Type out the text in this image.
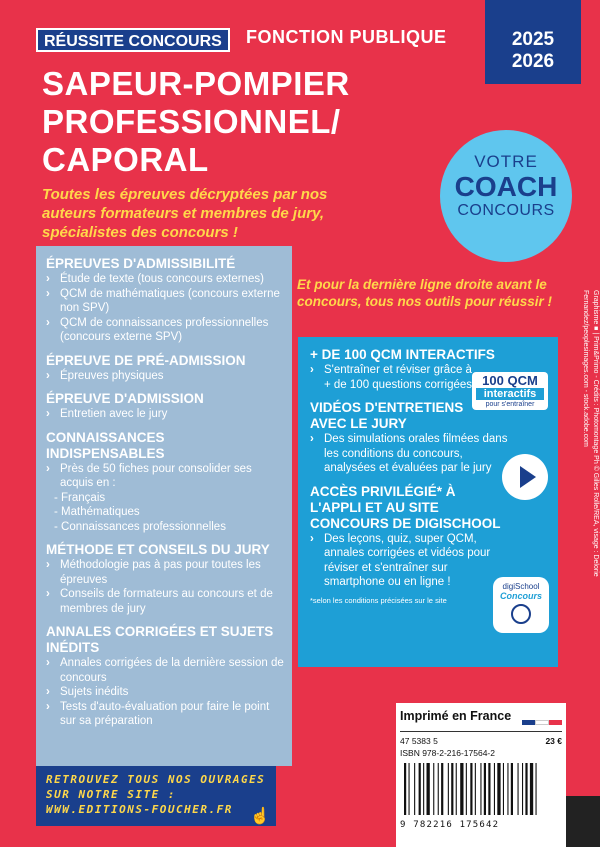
RÉUSSITE CONCOURS	FONCTION PUBLIQUE	2025
2026
SAPEUR-POMPIER
PROFESSIONNEL/
CAPORAL	VOTRE
COACH
CONCOURS
Toutes les épreuves décryptées par nos auteurs formateurs et membres de jury, spécialistes des concours !
ÉPREUVES D'ADMISSIBILITÉ
› Étude de texte (tous concours externes)
› QCM de mathématiques (concours externe non SPV)
› QCM de connaissances professionnelles (concours externe SPV)
ÉPREUVE DE PRÉ-ADMISSION
› Épreuves physiques
ÉPREUVE D'ADMISSION
› Entretien avec le jury
CONNAISSANCES INDISPENSABLES
› Près de 50 fiches pour consolider ses acquis en :
- Français
- Mathématiques
- Connaissances professionnelles
MÉTHODE ET CONSEILS DU JURY
› Méthodologie pas à pas pour toutes les épreuves
› Conseils de formateurs au concours et de membres de jury
ANNALES CORRIGÉES ET SUJETS INÉDITS
› Annales corrigées de la dernière session de concours
› Sujets inédits
› Tests d'auto-évaluation pour faire le point sur sa préparation
Et pour la dernière ligne droite avant le concours, tous nos outils pour réussir !
+ DE 100 QCM INTERACTIFS
› S'entraîner et réviser grâce à + de 100 questions corrigées
VIDÉOS D'ENTRETIENS AVEC LE JURY
› Des simulations orales filmées dans les conditions du concours, analysées et évaluées par le jury
ACCÈS PRIVILÉGIÉ* À L'APPLI ET AU SITE CONCOURS DE DIGISCHOOL
› Des leçons, quiz, super QCM, annales corrigées et vidéos pour réviser et s'entraîner sur smartphone ou en ligne !
*selon les conditions précisées sur le site
100 QCM
interactifs
pour s'entraîner
digiSchool
Concours
Graphisme ■ | Prim&Primo - Crédits : Photomontage Ph © Gilles Rolle/REA, visage : Delorie Fernandez/peoplesimages.com - stock.adobe.com
RETROUVEZ TOUS NOS OUVRAGES
SUR NOTRE SITE :
WWW.EDITIONS-FOUCHER.FR	☝
Imprimé en France
47 5383 5	23 €
ISBN 978-2-216-17564-2
9 782216 175642
